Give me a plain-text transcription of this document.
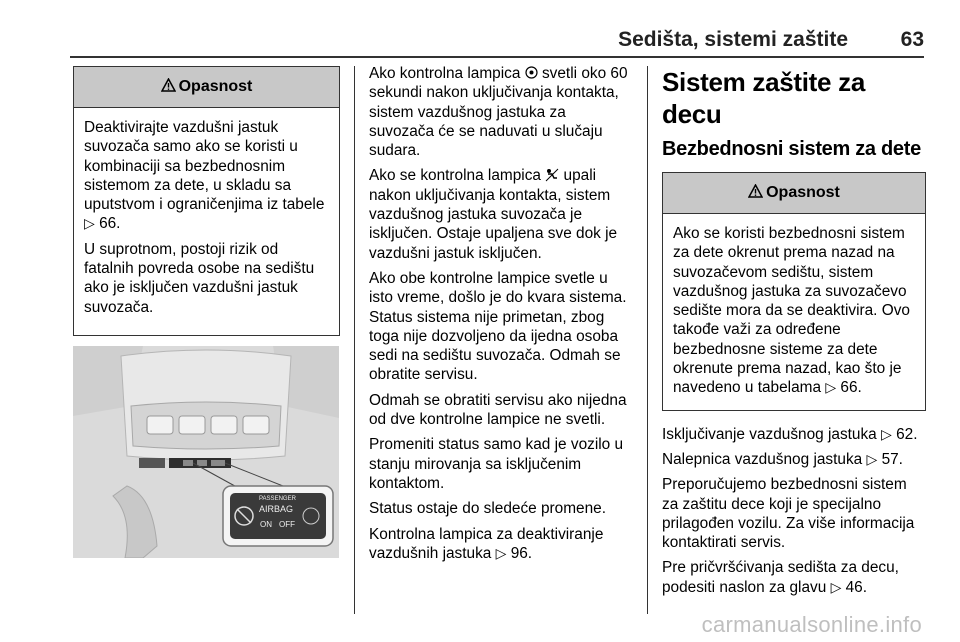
Sedišta, sistemi zaštite	63
Opasnost

Deaktivirajte vazdušni jastuk suvozača samo ako se koristi u kombinaciji sa bezbednosnim sistemom za dete, u skladu sa uputstvom i ograničenjima iz tabele ▷ 66.

U suprotnom, postoji rizik od fatalnih povreda osobe na sedištu ako je isključen vazdušni jastuk suvozača.

PASSENGER
AIRBAG
ON OFF

Ako kontrolna lampica svetli oko 60 sekundi nakon uključivanja kontakta, sistem vazdušnog jastuka za suvozača će se naduvati u slučaju sudara.

Ako se kontrolna lampica upali nakon uključivanja kontakta, sistem vazdušnog jastuka suvozača je isključen. Ostaje upaljena sve dok je vazdušni jastuk isključen.

Ako obe kontrolne lampice svetle u isto vreme, došlo je do kvara sistema. Status sistema nije primetan, zbog toga nije dozvoljeno da ijedna osoba sedi na sedištu suvozača. Odmah se obratite servisu.

Odmah se obratiti servisu ako nijedna od dve kontrolne lampice ne svetli.

Promeniti status samo kad je vozilo u stanju mirovanja sa isključenim kontaktom.

Status ostaje do sledeće promene.

Kontrolna lampica za deaktiviranje vazdušnih jastuka ▷ 96.

Sistem zaštite za decu
Bezbednosni sistem za dete
Opasnost

Ako se koristi bezbednosni sistem za dete okrenut prema nazad na suvozačevom sedištu, sistem vazdušnog jastuka za suvozačevo sedište mora da se deaktivira. Ovo takođe važi za određene bezbednosne sisteme za dete okrenute prema nazad, kao što je navedeno u tabelama ▷ 66.

Isključivanje vazdušnog jastuka ▷ 62.

Nalepnica vazdušnog jastuka ▷ 57.

Preporučujemo bezbednosni sistem za zaštitu dece koji je specijalno prilagođen vozilu. Za više informacija kontaktirati servis.

Pre pričvršćivanja sedišta za decu, podesiti naslon za glavu ▷ 46.

carmanualsonline.info
